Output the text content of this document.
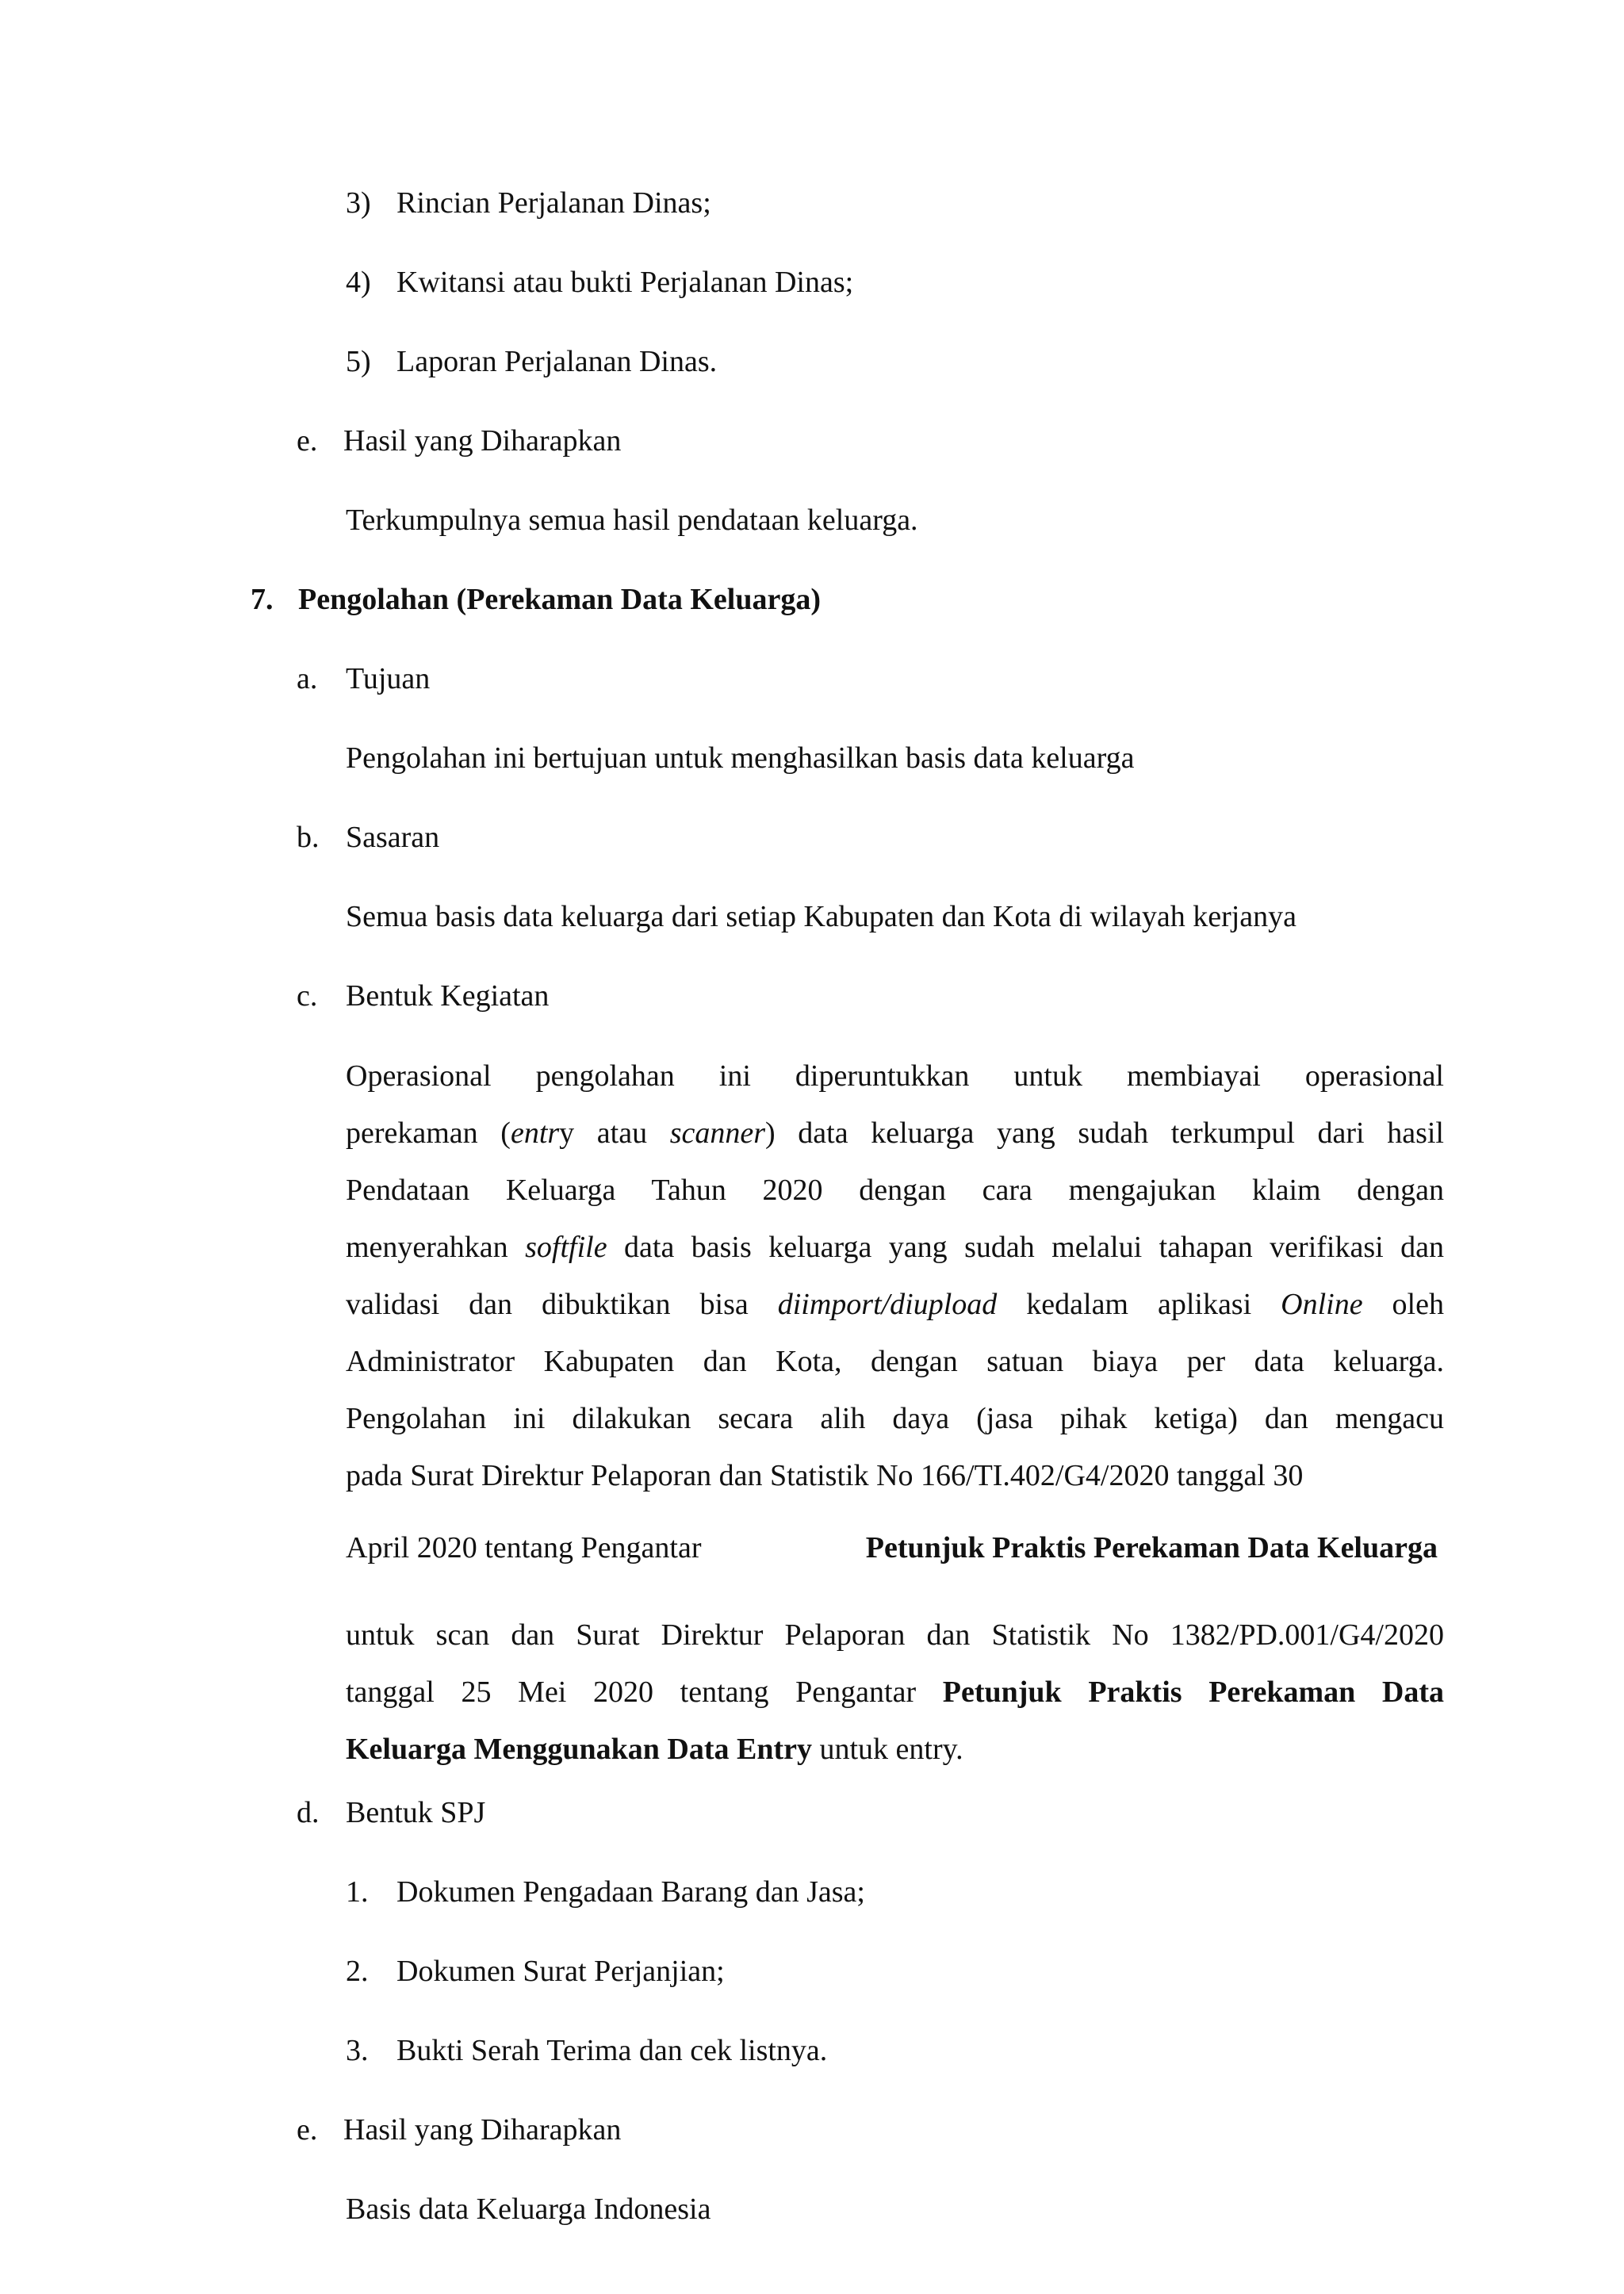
3) Rincian Perjalanan Dinas;
4) Kwitansi atau bukti Perjalanan Dinas;
5) Laporan Perjalanan Dinas.
e. Hasil yang Diharapkan
Terkumpulnya semua hasil pendataan keluarga.
7. Pengolahan (Perekaman Data Keluarga)
a. Tujuan
Pengolahan ini bertujuan untuk menghasilkan basis data keluarga
b. Sasaran
Semua basis data keluarga dari setiap Kabupaten dan Kota di wilayah kerjanya
c. Bentuk Kegiatan
Operasional pengolahan ini diperuntukkan untuk membiayai operasional
perekaman (entry atau scanner) data keluarga yang sudah terkumpul dari hasil
Pendataan Keluarga Tahun 2020 dengan cara mengajukan klaim dengan
menyerahkan softfile data basis keluarga yang sudah melalui tahapan verifikasi dan
validasi dan dibuktikan bisa diimport/diupload kedalam aplikasi Online oleh
Administrator Kabupaten dan Kota, dengan satuan biaya per data keluarga.
Pengolahan ini dilakukan secara alih daya (jasa pihak ketiga) dan mengacu
pada Surat Direktur Pelaporan dan Statistik No 166/TI.402/G4/2020 tanggal 30
April 2020 tentang Pengantar	Petunjuk Praktis Perekaman Data Keluarga
untuk scan dan Surat Direktur Pelaporan dan Statistik No 1382/PD.001/G4/2020
tanggal 25 Mei 2020 tentang Pengantar Petunjuk Praktis Perekaman Data
Keluarga Menggunakan Data Entry untuk entry.
d. Bentuk SPJ
1. Dokumen Pengadaan Barang dan Jasa;
2. Dokumen Surat Perjanjian;
3. Bukti Serah Terima dan cek listnya.
e. Hasil yang Diharapkan
Basis data Keluarga Indonesia
